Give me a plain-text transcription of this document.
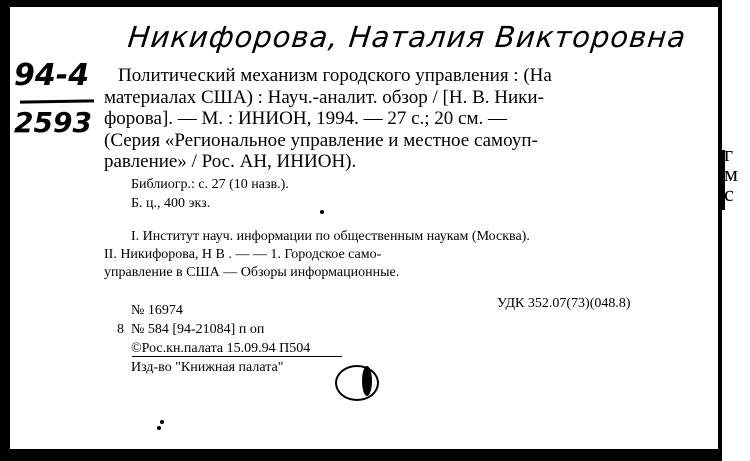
г
м
с
Никифорова, Наталия Викторовна
94-4
2593
Политический механизм городского управления : (На
материалах США) : Науч.-аналит. обзор / [Н. В. Ники-
форова]. — М. : ИНИОН, 1994. — 27 с.; 20 см. —
(Серия «Региональное управление и местное самоуп-
равление» / Рос. АН, ИНИОН).
Библиогр.: с. 27 (10 назв.).
Б. ц., 400 экз.
I. Институт науч. информации по общественным наукам (Москва).
II. Никифорова, Н В . — — 1. Городское само-
управление в США — Обзоры информационные.
№ 16974	УДК 352.07(73)(048.8)
8 № 584 [94-21084] п оп
©Рос.кн.палата 15.09.94 П504
Изд-во "Книжная палата"
